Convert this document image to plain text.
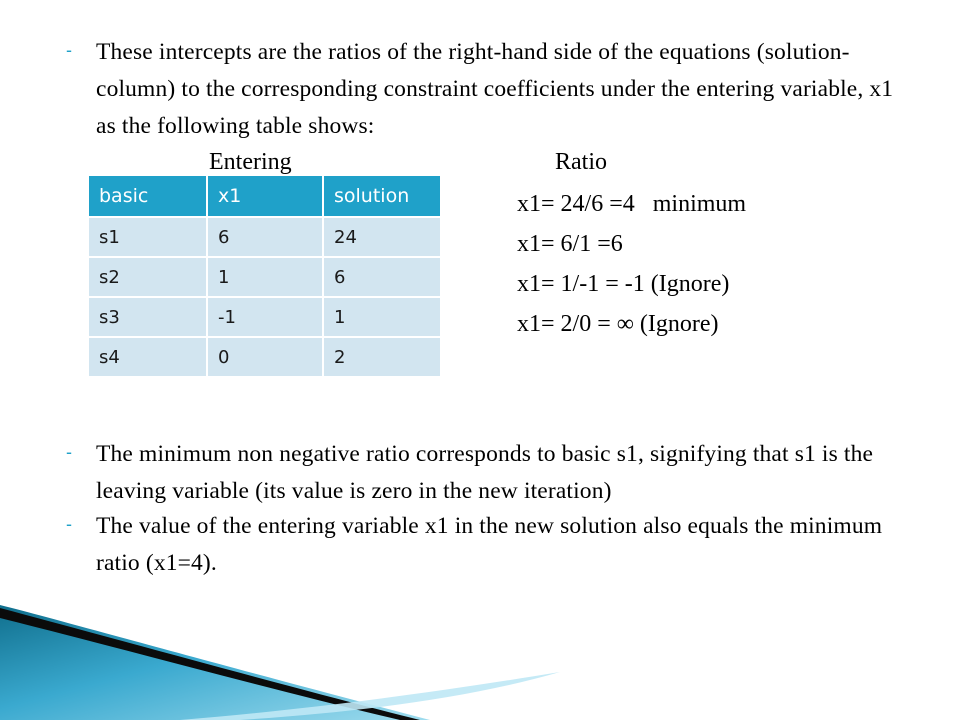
-	These intercepts are the ratios of the right-hand side of the equations (solution-column) to the corresponding constraint coefficients under the entering variable, x1 as the following table shows:
Entering	Ratio
basic	x1	solution
s1	6	24
s2	1	6
s3	-1	1
s4	0	2
x1= 24/6 =4   minimum
x1= 6/1 =6
x1= 1/-1 = -1 (Ignore)
x1= 2/0 = ∞ (Ignore)
-	The minimum non negative ratio corresponds to basic s1, signifying that s1 is the leaving variable (its value is zero in the new iteration)
-	The value of the entering variable x1 in the new solution also equals the minimum ratio (x1=4).
